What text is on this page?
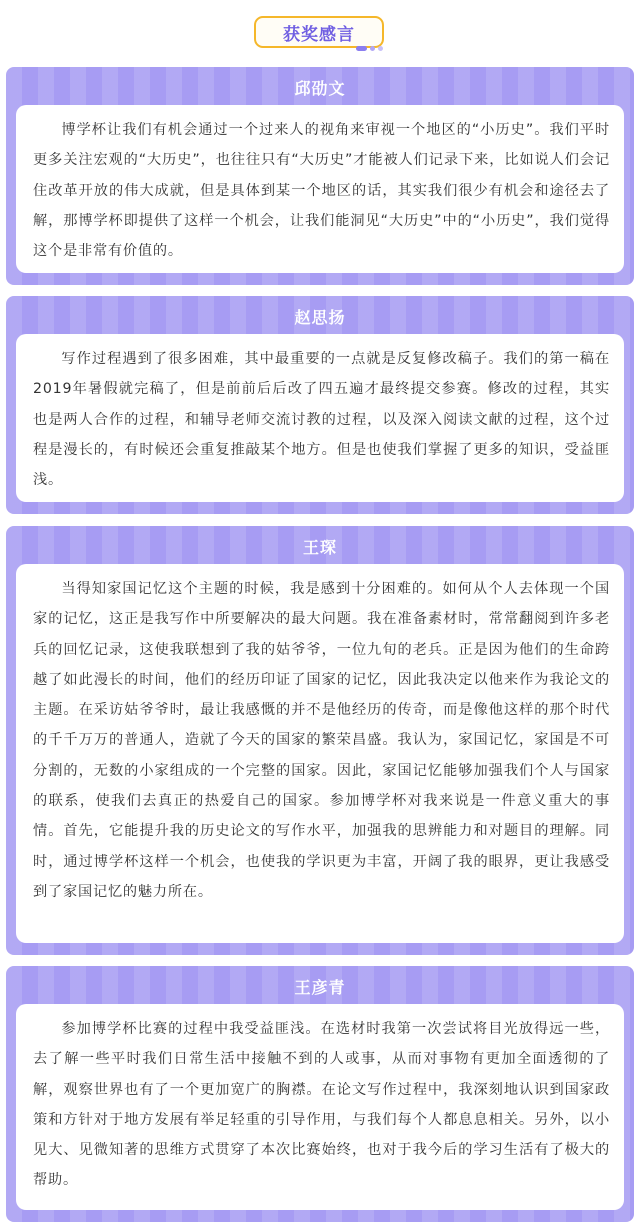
获奖感言
邱劭文
博学杯让我们有机会通过一个过来人的视角来审视一个地区的“小历史”。我们平时更多关注宏观的“大历史”，也往往只有“大历史”才能被人们记录下来，比如说人们会记住改革开放的伟大成就，但是具体到某一个地区的话，其实我们很少有机会和途径去了解，那博学杯即提供了这样一个机会，让我们能洞见“大历史”中的“小历史”，我们觉得这个是非常有价值的。
赵思扬
写作过程遇到了很多困难，其中最重要的一点就是反复修改稿子。我们的第一稿在2019年暑假就完稿了，但是前前后后改了四五遍才最终提交参赛。修改的过程，其实也是两人合作的过程，和辅导老师交流讨教的过程，以及深入阅读文献的过程，这个过程是漫长的，有时候还会重复推敲某个地方。但是也使我们掌握了更多的知识，受益匪浅。
王琛
当得知家国记忆这个主题的时候，我是感到十分困难的。如何从个人去体现一个国家的记忆，这正是我写作中所要解决的最大问题。我在准备素材时，常常翻阅到许多老兵的回忆记录，这使我联想到了我的姑爷爷，一位九旬的老兵。正是因为他们的生命跨越了如此漫长的时间，他们的经历印证了国家的记忆，因此我决定以他来作为我论文的主题。在采访姑爷爷时，最让我感慨的并不是他经历的传奇，而是像他这样的那个时代的千千万万的普通人，造就了今天的国家的繁荣昌盛。我认为，家国记忆，家国是不可分割的，无数的小家组成的一个完整的国家。因此，家国记忆能够加强我们个人与国家的联系，使我们去真正的热爱自己的国家。参加博学杯对我来说是一件意义重大的事情。首先，它能提升我的历史论文的写作水平，加强我的思辨能力和对题目的理解。同时，通过博学杯这样一个机会，也使我的学识更为丰富，开阔了我的眼界，更让我感受到了家国记忆的魅力所在。
王彦青
参加博学杯比赛的过程中我受益匪浅。在选材时我第一次尝试将目光放得远一些，去了解一些平时我们日常生活中接触不到的人或事，从而对事物有更加全面透彻的了解，观察世界也有了一个更加宽广的胸襟。在论文写作过程中，我深刻地认识到国家政策和方针对于地方发展有举足轻重的引导作用，与我们每个人都息息相关。另外，以小见大、见微知著的思维方式贯穿了本次比赛始终，也对于我今后的学习生活有了极大的帮助。
